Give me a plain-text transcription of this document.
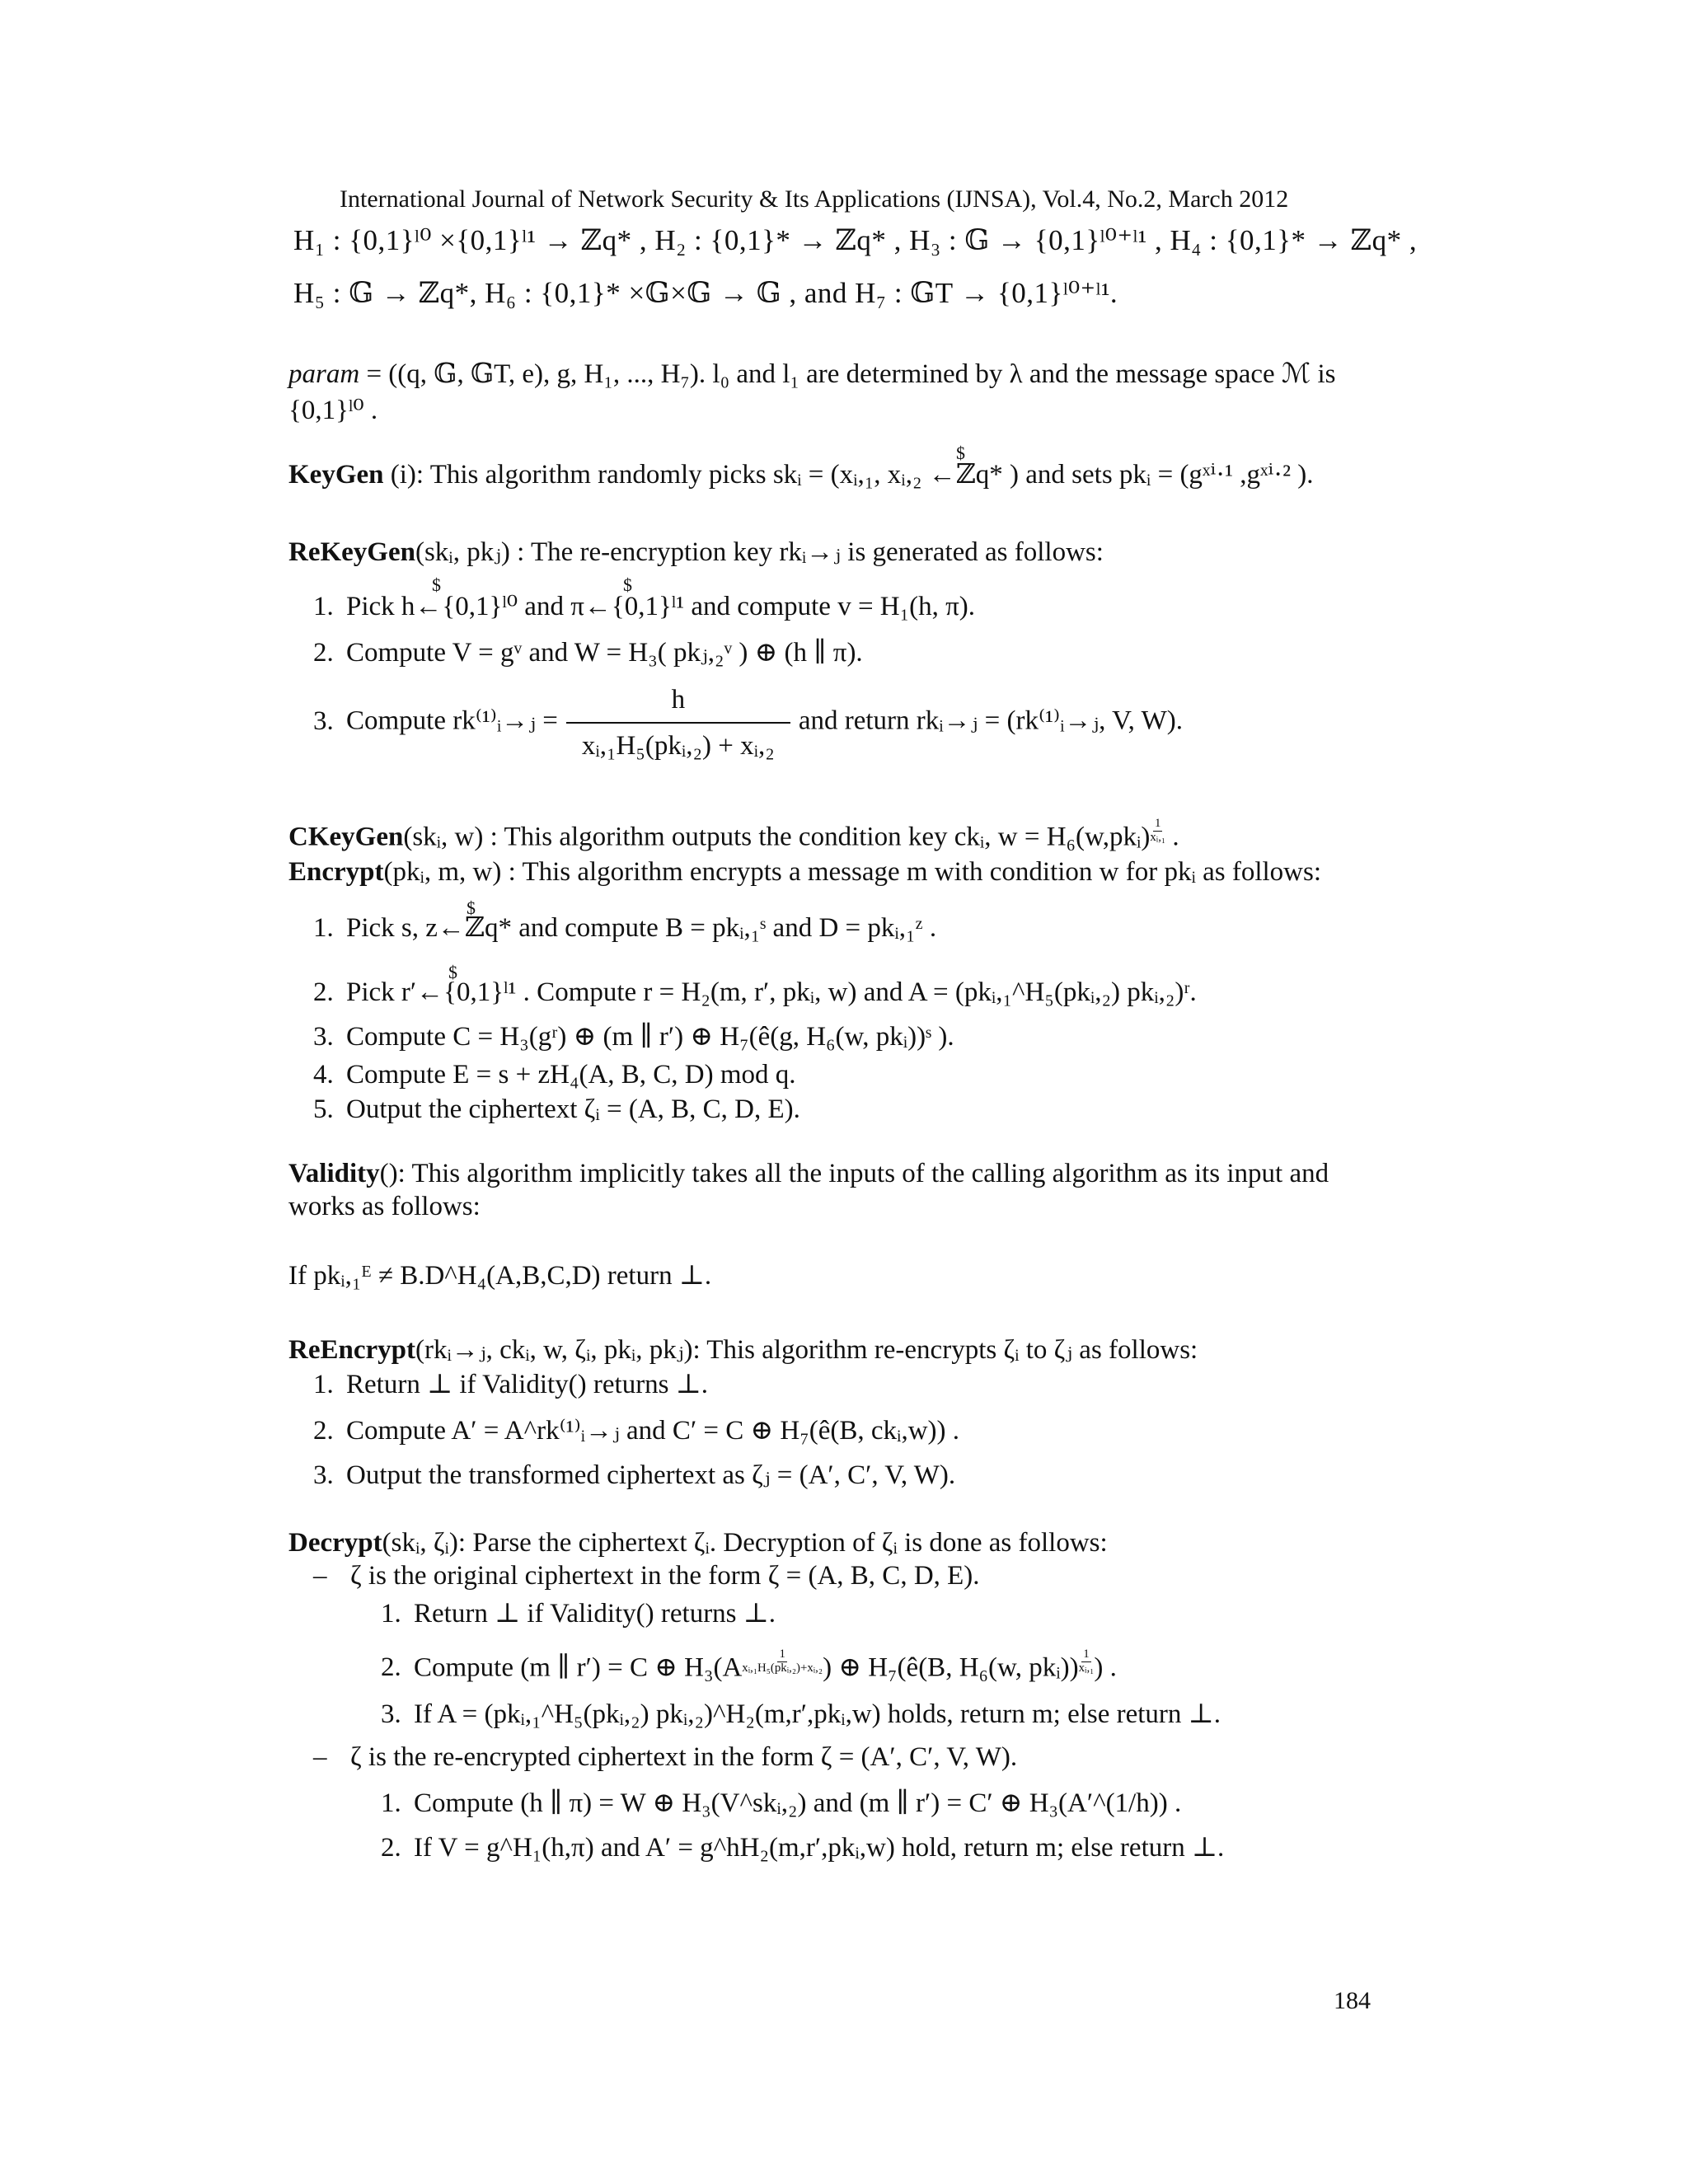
International Journal of Network Security & Its Applications (IJNSA), Vol.4, No.2, March 2012
H₁ : {0,1}ˡ⁰ ×{0,1}ˡ¹ → ℤq* , H₂ : {0,1}* → ℤq* , H₃ : 𝔾 → {0,1}ˡ⁰⁺ˡ¹ , H₄ : {0,1}* → ℤq* ,
H₅ : 𝔾 → ℤq*, H₆ : {0,1}* ×𝔾×𝔾 → 𝔾 , and H₇ : 𝔾T → {0,1}ˡ⁰⁺ˡ¹.
param = ((q, 𝔾, 𝔾T, e), g, H₁, ..., H₇). l₀ and l₁ are determined by λ and the message space ℳ is
{0,1}ˡ⁰ .
$
KeyGen (i): This algorithm randomly picks skᵢ = (xᵢ,₁, xᵢ,₂ ←ℤq* ) and sets pkᵢ = (gˣⁱ·¹ ,gˣⁱ·² ).
ReKeyGen(skᵢ, pkⱼ) : The re-encryption key rkᵢ→ⱼ is generated as follows:
$	$
1. Pick h←{0,1}ˡ⁰ and π←{0,1}ˡ¹ and compute v = H₁(h, π).
2. Compute V = gᵛ and W = H₃( pkⱼ,₂ᵛ ) ⊕ (h ∥ π).
3. Compute rk⁽¹⁾ᵢ→ⱼ = $\frac{h}{\text{xᵢ,₁H₅(pkᵢ,₂) + xᵢ,₂}}$ and return rkᵢ→ⱼ = (rk⁽¹⁾ᵢ→ⱼ, V, W).
CKeyGen(skᵢ, w) : This algorithm outputs the condition key ckᵢ, w = H₆(w,pkᵢ) $\frac{1}{\text{xᵢ,₁}}$ .
Encrypt(pkᵢ, m, w) : This algorithm encrypts a message m with condition w for pkᵢ as follows:
$
1. Pick s, z←ℤq* and compute B = pkᵢ,₁ˢ and D = pkᵢ,₁ᶻ .
$
2. Pick r′←{0,1}ˡ¹ . Compute r = H₂(m, r′, pkᵢ, w) and A = (pkᵢ,₁^H₅(pkᵢ,₂) pkᵢ,₂)ʳ.
3. Compute C = H₃(gʳ) ⊕ (m ∥ r′) ⊕ H₇(ê(g, H₆(w, pkᵢ))ˢ ).
4. Compute E = s + zH₄(A, B, C, D) mod q.
5. Output the ciphertext ζᵢ = (A, B, C, D, E).
Validity(): This algorithm implicitly takes all the inputs of the calling algorithm as its input and
works as follows:
If pkᵢ,₁ᴱ ≠ B.D^H₄(A,B,C,D) return ⊥.
ReEncrypt(rkᵢ→ⱼ, ckᵢ, w, ζᵢ, pkᵢ, pkⱼ): This algorithm re-encrypts ζᵢ to ζⱼ as follows:
1. Return ⊥ if Validity() returns ⊥.
2. Compute A′ = A^rk⁽¹⁾ᵢ→ⱼ and C′ = C ⊕ H₇(ê(B, ckᵢ,w)) .
3. Output the transformed ciphertext as ζⱼ = (A′, C′, V, W).
Decrypt(skᵢ, ζᵢ): Parse the ciphertext ζᵢ. Decryption of ζᵢ is done as follows:
– ζ is the original ciphertext in the form ζ = (A, B, C, D, E).
1. Return ⊥ if Validity() returns ⊥.
2. Compute (m ∥ r′) = C ⊕ $H_3(A \frac{1}{\text{xᵢ,₁H₅(pkᵢ,₂)+xᵢ,₂}}$ ) ⊕ H₇(ê(B, H₆(w, pkᵢ)) $\frac{1}{\text{xᵢ,₁}}$ ) .
3. If A = (pkᵢ,₁^H₅(pkᵢ,₂) pkᵢ,₂)^H₂(m,r′,pkᵢ,w) holds, return m; else return ⊥.
– ζ is the re-encrypted ciphertext in the form ζ = (A′, C′, V, W).
1. Compute (h ∥ π) = W ⊕ H₃(V^skᵢ,₂) and (m ∥ r′) = C′ ⊕ H₃(A′^(1/h)) .
2. If V = g^H₁(h,π) and A′ = g^hH₂(m,r′,pkᵢ,w) hold, return m; else return ⊥.
184
